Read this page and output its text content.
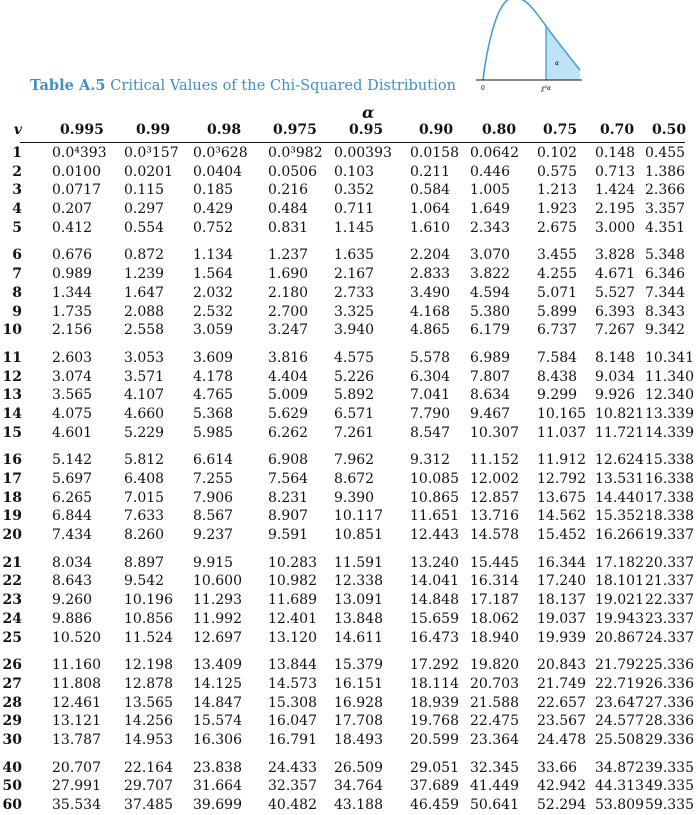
0	χ²α
α
Table A.5 Critical Values of the Chi-Squared Distribution
α
v	0.995 0.99	0.98 0.975 0.95	0.90 0.80 0.75 0.70 0.50
1 0.0⁴393 0.0³157 0.0³628 0.0³982 0.00393 0.0158 0.0642 0.102 0.148 0.455
2 0.0100 0.0201 0.0404 0.0506 0.103	0.211 0.446 0.575 0.713 1.386
3 0.0717 0.115 0.185 0.216 0.352	0.584 1.005 1.213 1.424 2.366
4 0.207 0.297 0.429 0.484 0.711	1.064 1.649 1.923 2.195 3.357
5 0.412 0.554 0.752 0.831 1.145	1.610 2.343 2.675 3.000 4.351
6 0.676 0.872 1.134 1.237 1.635	2.204 3.070 3.455 3.828 5.348
7 0.989 1.239 1.564 1.690 2.167	2.833 3.822 4.255 4.671 6.346
8 1.344 1.647 2.032 2.180 2.733	3.490 4.594 5.071 5.527 7.344
9 1.735 2.088 2.532 2.700 3.325	4.168 5.380 5.899 6.393 8.343
10 2.156 2.558 3.059 3.247 3.940	4.865 6.179 6.737 7.267 9.342
11 2.603 3.053 3.609 3.816 4.575	5.578 6.989 7.584 8.148 10.341
12 3.074 3.571 4.178 4.404 5.226	6.304 7.807 8.438 9.034 11.340
13 3.565 4.107 4.765 5.009 5.892	7.041 8.634 9.299 9.926 12.340
14 4.075 4.660 5.368 5.629 6.571	7.790 9.467 10.165 10.821 13.339
15 4.601 5.229 5.985 6.262 7.261	8.547 10.307 11.037 11.721 14.339
16 5.142 5.812 6.614 6.908 7.962	9.312 11.152 11.912 12.624 15.338
17 5.697 6.408 7.255 7.564 8.672	10.085 12.002 12.792 13.531 16.338
18 6.265 7.015 7.906 8.231 9.390	10.865 12.857 13.675 14.440 17.338
19 6.844 7.633 8.567 8.907 10.117 11.651 13.716 14.562 15.352 18.338
20 7.434 8.260 9.237 9.591 10.851 12.443 14.578 15.452 16.266 19.337
21 8.034 8.897 9.915 10.283 11.591 13.240 15.445 16.344 17.182 20.337
22 8.643 9.542 10.600 10.982 12.338 14.041 16.314 17.240 18.101 21.337
23 9.260 10.196 11.293 11.689 13.091 14.848 17.187 18.137 19.021 22.337
24 9.886 10.856 11.992 12.401 13.848 15.659 18.062 19.037 19.943 23.337
25 10.520 11.524 12.697 13.120 14.611 16.473 18.940 19.939 20.867 24.337
26 11.160 12.198 13.409 13.844 15.379 17.292 19.820 20.843 21.792 25.336
27 11.808 12.878 14.125 14.573 16.151 18.114 20.703 21.749 22.719 26.336
28 12.461 13.565 14.847 15.308 16.928 18.939 21.588 22.657 23.647 27.336
29 13.121 14.256 15.574 16.047 17.708 19.768 22.475 23.567 24.577 28.336
30 13.787 14.953 16.306 16.791 18.493 20.599 23.364 24.478 25.508 29.336
40 20.707 22.164 23.838 24.433 26.509 29.051 32.345 33.66 34.872 39.335
50 27.991 29.707 31.664 32.357 34.764 37.689 41.449 42.942 44.313 49.335
60 35.534 37.485 39.699 40.482 43.188 46.459 50.641 52.294 53.809 59.335
